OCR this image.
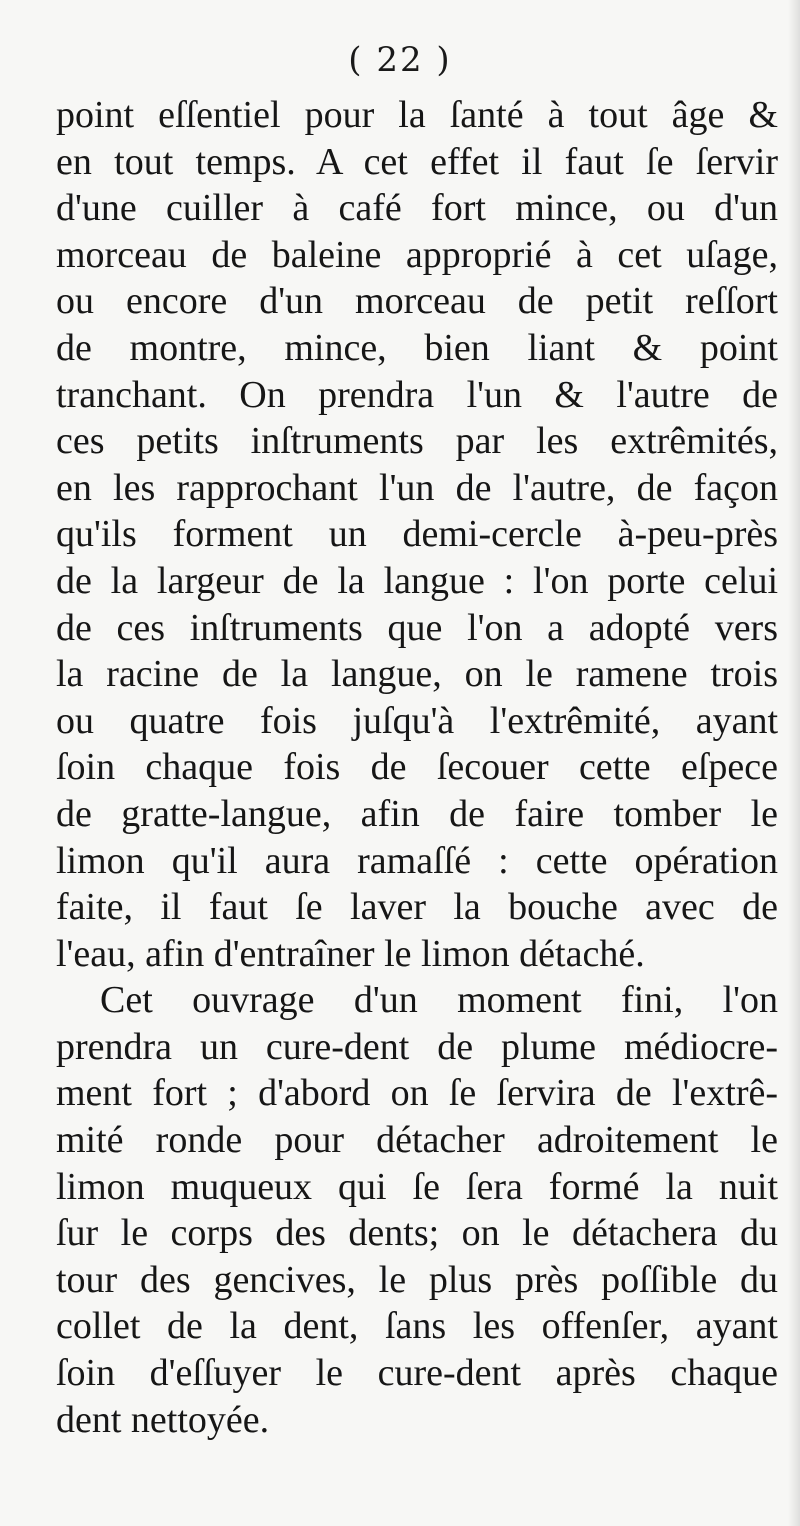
( 22 )
point eſſentiel pour la ſanté à tout âge &
en tout temps. A cet effet il faut ſe ſervir
d'une cuiller à café fort mince, ou d'un
morceau de baleine approprié à cet uſage,
ou encore d'un morceau de petit reſſort
de montre, mince, bien liant & point
tranchant. On prendra l'un & l'autre de
ces petits inſtruments par les extrêmités,
en les rapprochant l'un de l'autre, de façon
qu'ils forment un demi-cercle à-peu-près
de la largeur de la langue : l'on porte celui
de ces inſtruments que l'on a adopté vers
la racine de la langue, on le ramene trois
ou quatre fois juſqu'à l'extrêmité, ayant
ſoin chaque fois de ſecouer cette eſpece
de gratte-langue, afin de faire tomber le
limon qu'il aura ramaſſé : cette opération
faite, il faut ſe laver la bouche avec de
l'eau, afin d'entraîner le limon détaché.
Cet ouvrage d'un moment fini, l'on
prendra un cure-dent de plume médiocre-
ment fort ; d'abord on ſe ſervira de l'extrê-
mité ronde pour détacher adroitement le
limon muqueux qui ſe ſera formé la nuit
ſur le corps des dents; on le détachera du
tour des gencives, le plus près poſſible du
collet de la dent, ſans les offenſer, ayant
ſoin d'eſſuyer le cure-dent après chaque
dent nettoyée.
